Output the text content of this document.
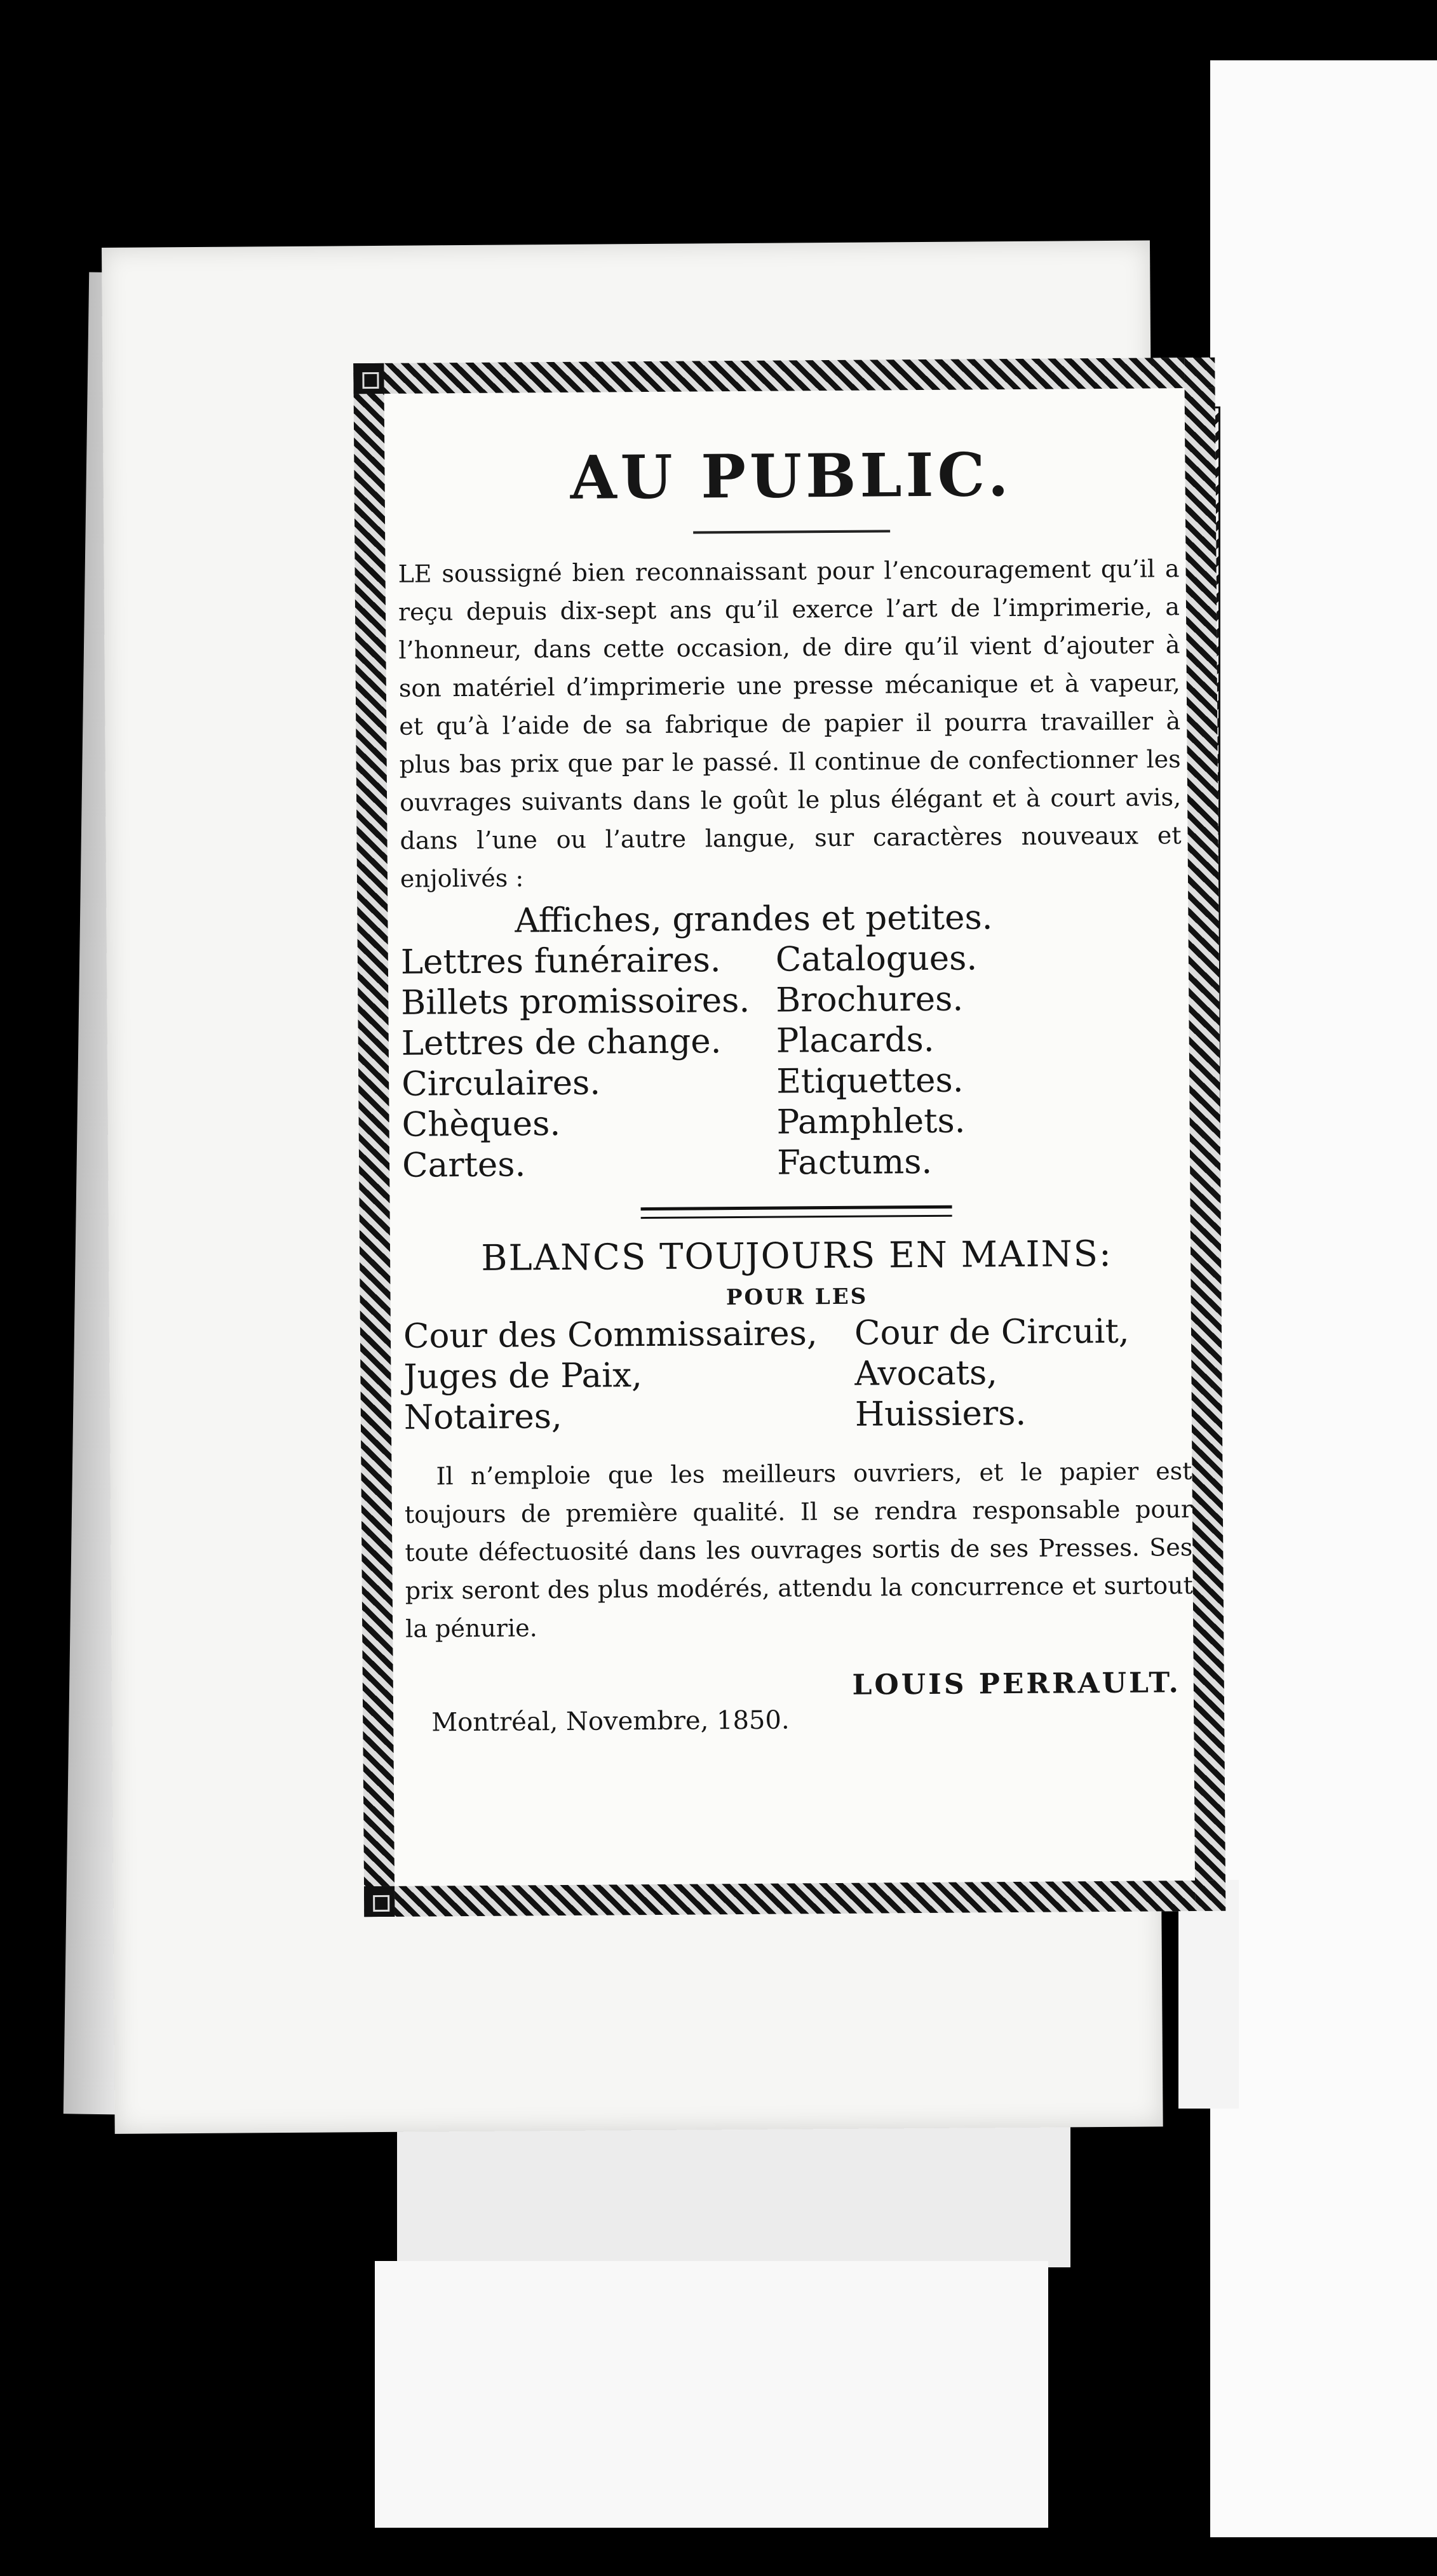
AU PUBLIC.

LE soussigné bien reconnaissant pour l’encouragement qu’il a reçu depuis dix-sept ans qu’il exerce l’art de l’imprimerie, a l’honneur, dans cette occasion, de dire qu’il vient d’ajouter à son matériel d’imprimerie une presse mécanique et à vapeur, et qu’à l’aide de sa fabrique de papier il pourra travailler à plus bas prix que par le passé. Il continue de confectionner les ouvrages suivants dans le goût le plus élégant et à court avis, dans l’une ou l’autre langue, sur caractères nouveaux et enjolivés :

Affiches, grandes et petites.
Lettres funéraires.	Catalogues.
Billets promissoires. Brochures.
Lettres de change.	Placards.
Circulaires.	Etiquettes.
Chèques.	Pamphlets.
Cartes.	Factums.
BLANCS TOUJOURS EN MAINS:
POUR LES
Cour des Commissaires,	Cour de Circuit,
Juges de Paix,	Avocats,
Notaires,	Huissiers.

Il n’emploie que les meilleurs ouvriers, et le papier est toujours de première qualité. Il se rendra responsable pour toute défectuosité dans les ouvrages sortis de ses Presses. Ses prix seront des plus modérés, attendu la concurrence et surtout la pénurie.

LOUIS PERRAULT.
Montréal, Novembre, 1850.
